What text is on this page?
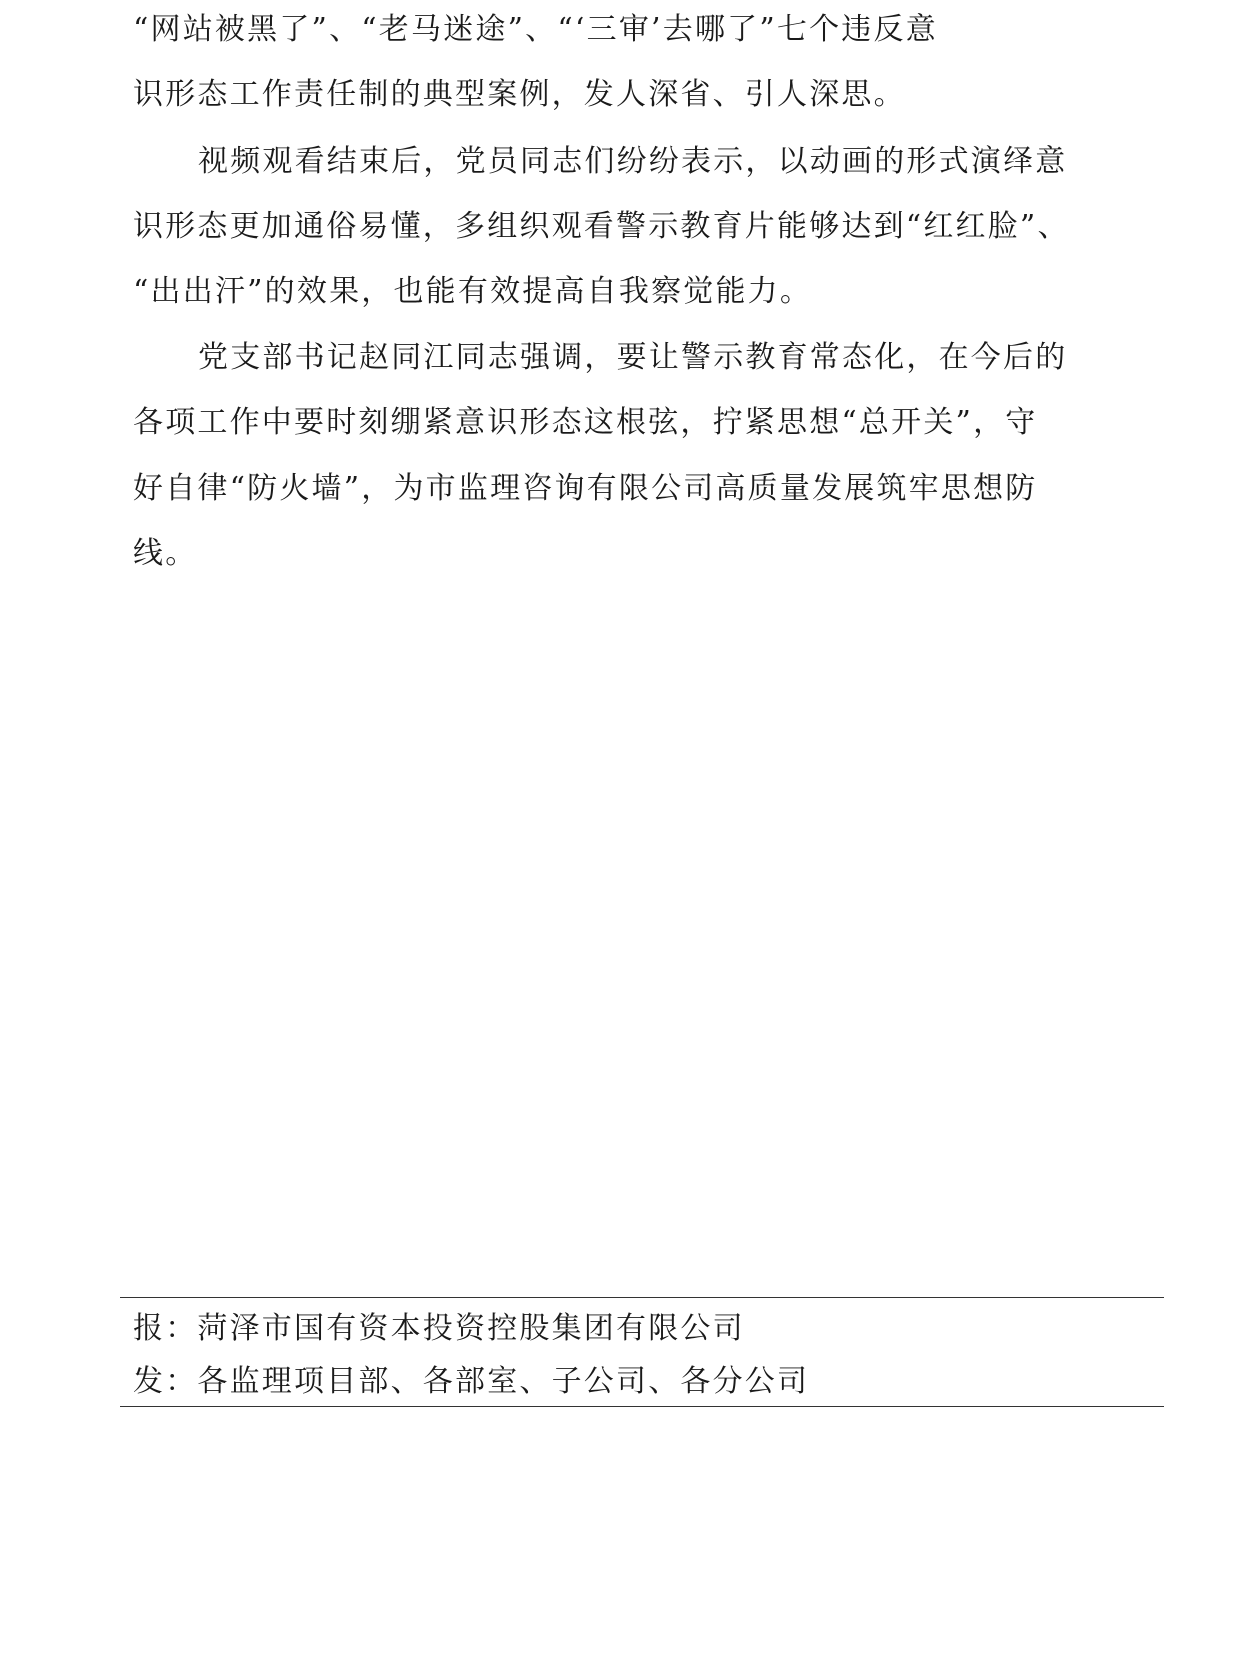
“网站被黑了”、“老马迷途”、“‘三审’去哪了”七个违反意
识形态工作责任制的典型案例，发人深省、引人深思。
视频观看结束后，党员同志们纷纷表示，以动画的形式演绎意
识形态更加通俗易懂，多组织观看警示教育片能够达到“红红脸”、
“出出汗”的效果，也能有效提高自我察觉能力。
党支部书记赵同江同志强调，要让警示教育常态化，在今后的
各项工作中要时刻绷紧意识形态这根弦，拧紧思想“总开关”，守
好自律“防火墙”，为市监理咨询有限公司高质量发展筑牢思想防
线。
报：菏泽市国有资本投资控股集团有限公司
发：各监理项目部、各部室、子公司、各分公司
